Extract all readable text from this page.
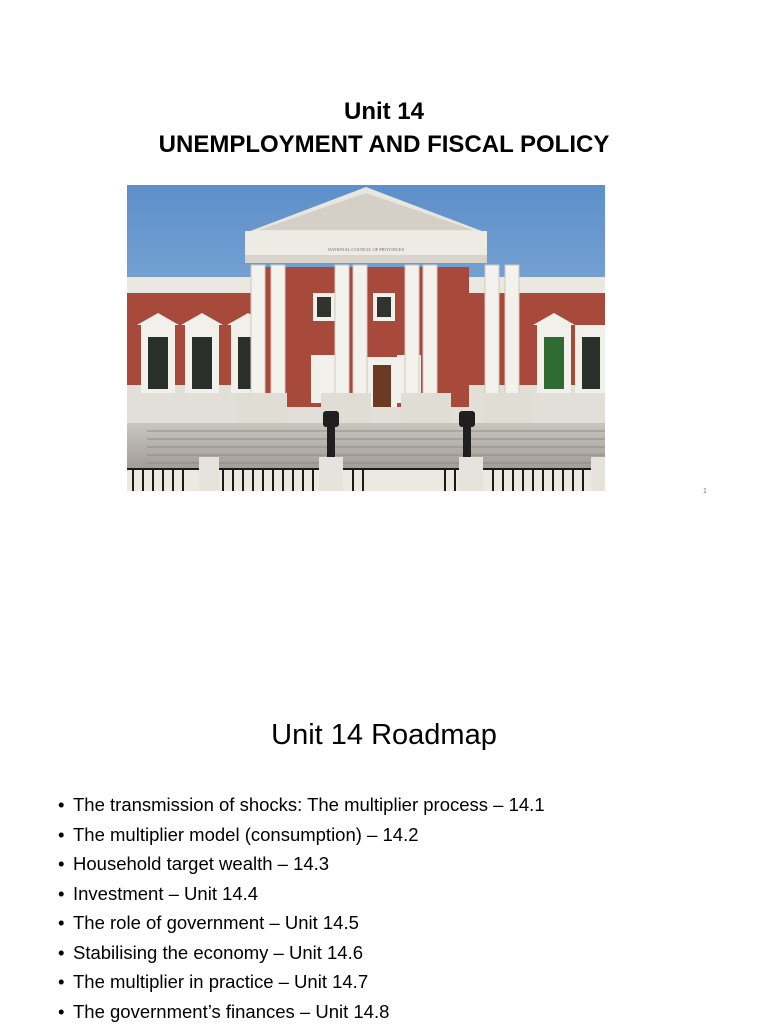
Unit 14
UNEMPLOYMENT AND FISCAL POLICY
NATIONAL COUNCIL OF PROVINCES
1
Unit 14 Roadmap
• The transmission of shocks: The multiplier process – 14.1
• The multiplier model (consumption) – 14.2
• Household target wealth – 14.3
• Investment – Unit 14.4
• The role of government – Unit 14.5
• Stabilising the economy – Unit 14.6
• The multiplier in practice – Unit 14.7
• The government’s finances – Unit 14.8
